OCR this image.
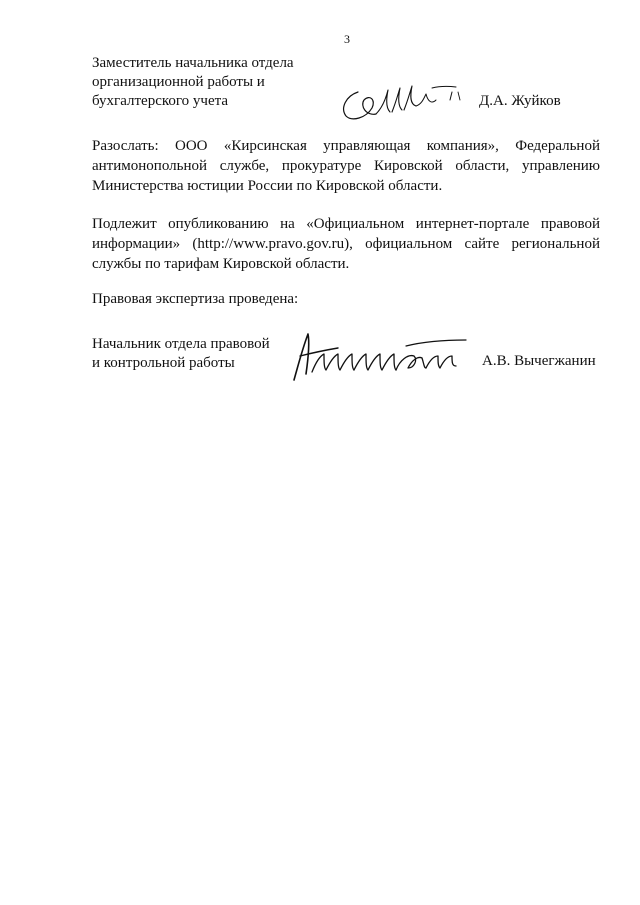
3
Заместитель начальника отдела
организационной работы и
бухгалтерского учета	Д.А. Жуйков
Разослать: ООО «Кирсинская управляющая компания», Федеральной антимонопольной службе, прокуратуре Кировской области, управлению Министерства юстиции России по Кировской области.
Подлежит опубликованию на «Официальном интернет-портале правовой информации» (http://www.pravo.gov.ru), официальном сайте региональной службы по тарифам Кировской области.
Правовая экспертиза проведена:
Начальник отдела правовой
и контрольной работы	А.В. Вычегжанин
